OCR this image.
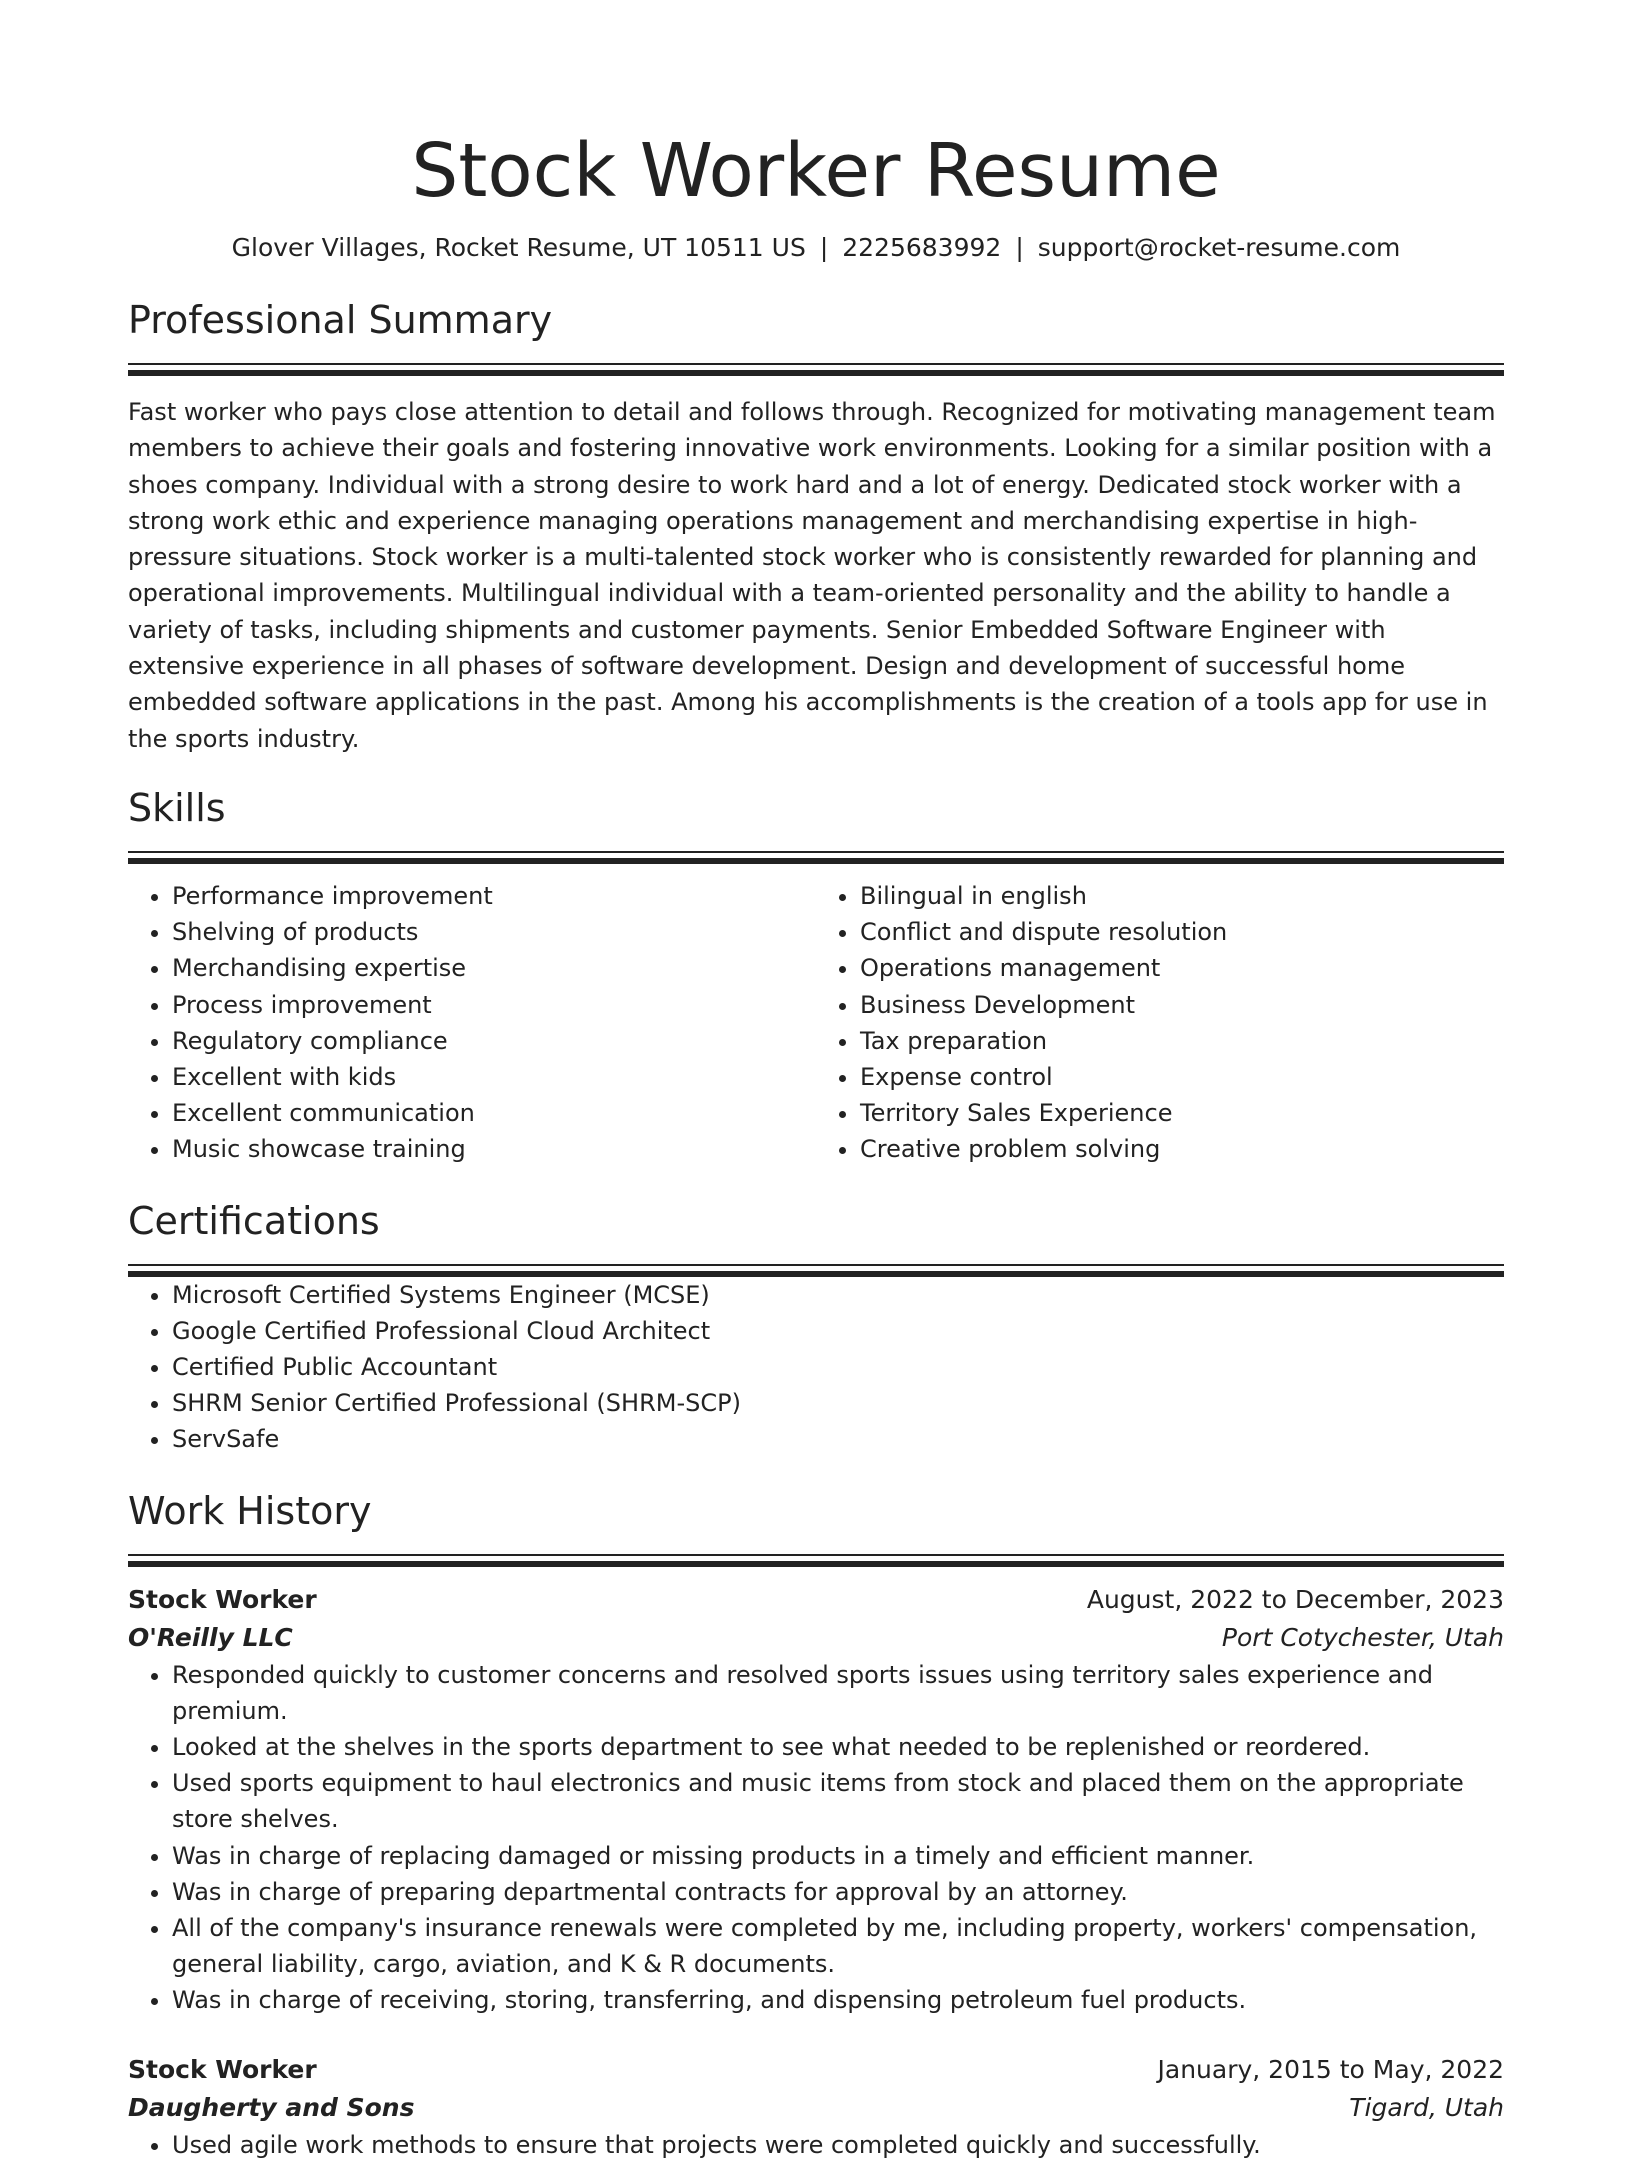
Stock Worker Resume
Glover Villages, Rocket Resume, UT 10511 US | 2225683992 | support@rocket-resume.com
Professional Summary

Fast worker who pays close attention to detail and follows through. Recognized for motivating management team members to achieve their goals and fostering innovative work environments. Looking for a similar position with a shoes company. Individual with a strong desire to work hard and a lot of energy. Dedicated stock worker with a strong work ethic and experience managing operations management and merchandising expertise in high-pressure situations. Stock worker is a multi-talented stock worker who is consistently rewarded for planning and operational improvements. Multilingual individual with a team-oriented personality and the ability to handle a variety of tasks, including shipments and customer payments. Senior Embedded Software Engineer with extensive experience in all phases of software development. Design and development of successful home embedded software applications in the past. Among his accomplishments is the creation of a tools app for use in the sports industry.

Skills
• Performance improvement
• Shelving of products
• Merchandising expertise
• Process improvement
• Regulatory compliance
• Excellent with kids
• Excellent communication
• Music showcase training
• Bilingual in english
• Conflict and dispute resolution
• Operations management
• Business Development
• Tax preparation
• Expense control
• Territory Sales Experience
• Creative problem solving
Certifications
• Microsoft Certified Systems Engineer (MCSE)
• Google Certified Professional Cloud Architect
• Certified Public Accountant
• SHRM Senior Certified Professional (SHRM-SCP)
• ServSafe
Work History
Stock Worker	August, 2022 to December, 2023
O'Reilly LLC	Port Cotychester, Utah
• Responded quickly to customer concerns and resolved sports issues using territory sales experience and premium.
• Looked at the shelves in the sports department to see what needed to be replenished or reordered.
• Used sports equipment to haul electronics and music items from stock and placed them on the appropriate store shelves.
• Was in charge of replacing damaged or missing products in a timely and efficient manner.
• Was in charge of preparing departmental contracts for approval by an attorney.
• All of the company's insurance renewals were completed by me, including property, workers' compensation, general liability, cargo, aviation, and K & R documents.
• Was in charge of receiving, storing, transferring, and dispensing petroleum fuel products.
Stock Worker	January, 2015 to May, 2022
Daugherty and Sons	Tigard, Utah
• Used agile work methods to ensure that projects were completed quickly and successfully.
